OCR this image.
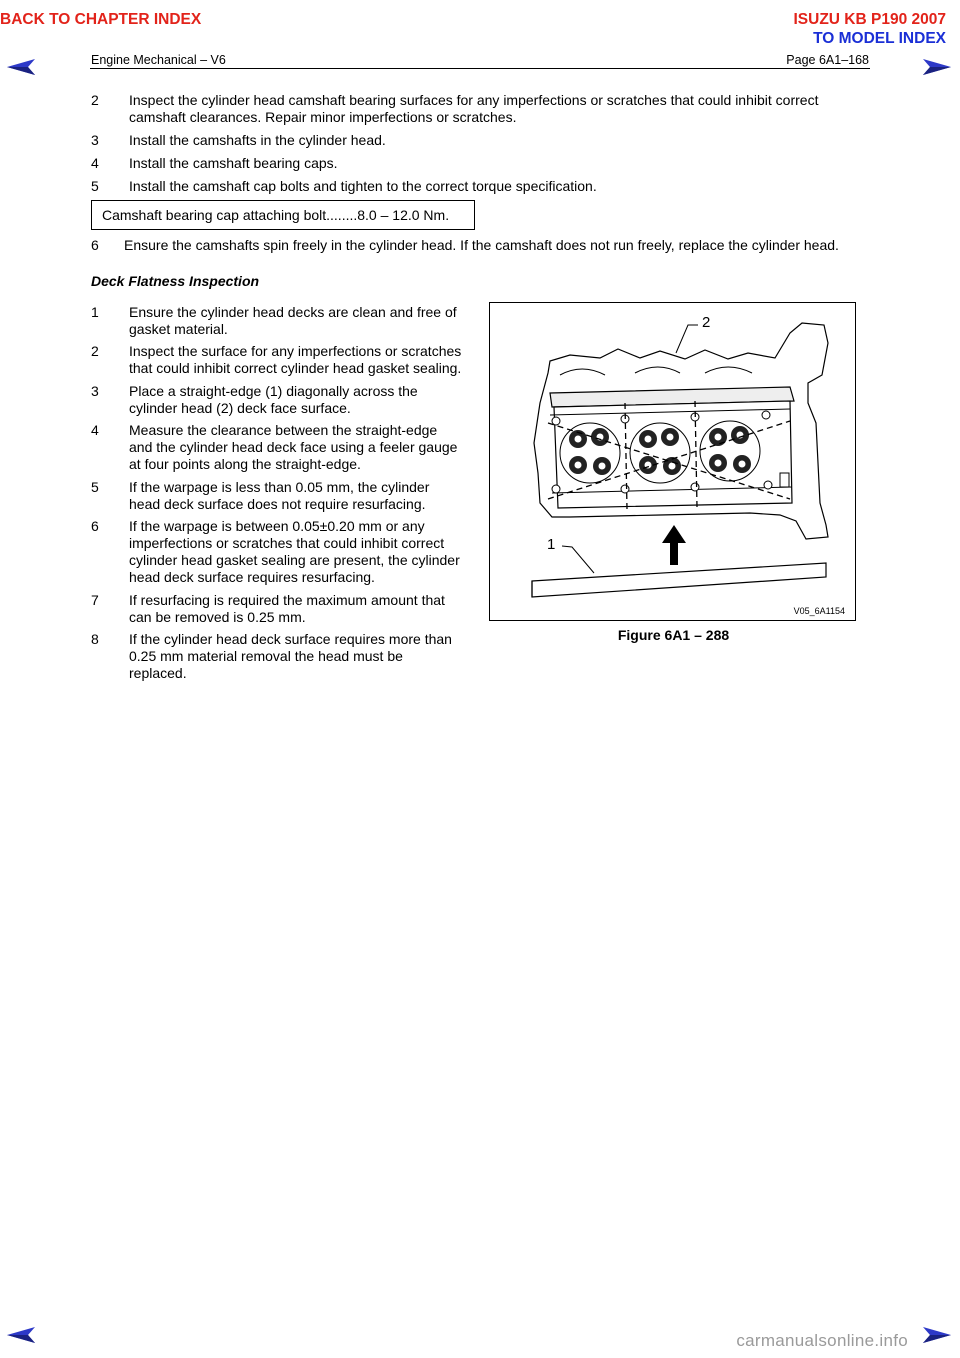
BACK TO CHAPTER INDEX	ISUZU KB P190 2007
TO MODEL INDEX
Engine Mechanical – V6	Page 6A1–168
2 Inspect the cylinder head camshaft bearing surfaces for any imperfections or scratches that could inhibit correct
camshaft clearances. Repair minor imperfections or scratches.
3 Install the camshafts in the cylinder head.
4 Install the camshaft bearing caps.
5 Install the camshaft cap bolts and tighten to the correct torque specification.
Camshaft bearing cap attaching bolt........8.0 – 12.0 Nm.
6 Ensure the camshafts spin freely in the cylinder head. If the camshaft does not run freely, replace the cylinder head.
Deck Flatness Inspection
1 Ensure the cylinder head decks are clean and free of
gasket material.
2 Inspect the surface for any imperfections or scratches
that could inhibit correct cylinder head gasket sealing.
3 Place a straight-edge (1) diagonally across the
cylinder head (2) deck face surface.
4 Measure the clearance between the straight-edge
and the cylinder head deck face using a feeler gauge
at four points along the straight-edge.
5 If the warpage is less than 0.05 mm, the cylinder
head deck surface does not require resurfacing.
6 If the warpage is between 0.05±0.20 mm or any
imperfections or scratches that could inhibit correct
cylinder head gasket sealing are present, the cylinder
head deck surface requires resurfacing.
7 If resurfacing is required the maximum amount that
can be removed is 0.25 mm.
8 If the cylinder head deck surface requires more than
0.25 mm material removal the head must be
replaced.
1
2
V05_6A1154
Figure 6A1 – 288
carmanualsonline.info
